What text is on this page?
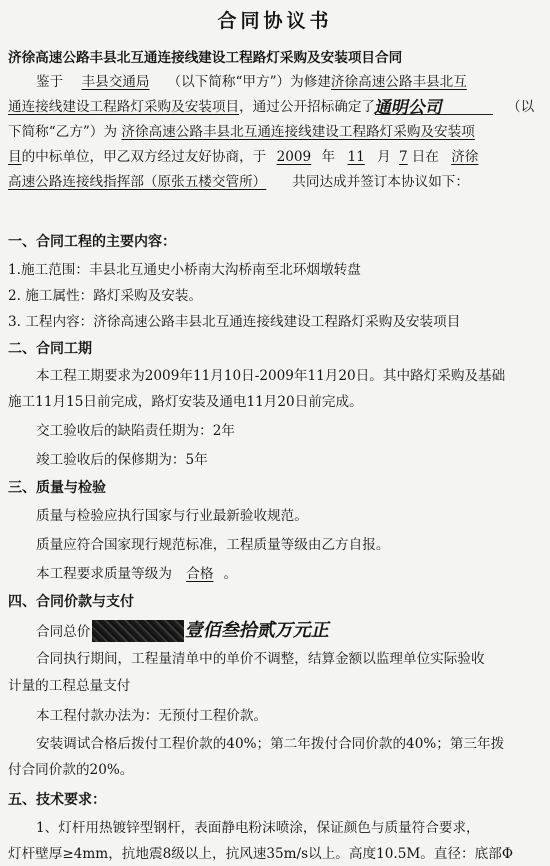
合同协议书
济徐高速公路丰县北互通连接线建设工程路灯采购及安装项目合同
鉴于 丰县交通局 （以下简称“甲方”）为修建济徐高速公路丰县北互
通连接线建设工程路灯采购及安装项目，通过公开招标确定了通明公司	（以
下简称“乙方”）为 济徐高速公路丰县北互通连接线建设工程路灯采购及安装项
目的中标单位，甲乙双方经过友好协商，于 2009 年 11 月 7 日在 济徐
高速公路连接线指挥部（原张五楼交管所） 共同达成并签订本协议如下：
一、合同工程的主要内容：
1.施工范围：丰县北互通史小桥南大沟桥南至北环烟墩转盘
2. 施工属性：路灯采购及安装。
3. 工程内容：济徐高速公路丰县北互通连接线建设工程路灯采购及安装项目
二、合同工期
本工程工期要求为2009年11月10日-2009年11月20日。其中路灯采购及基础
施工11月15日前完成，路灯安装及通电11月20日前完成。
交工验收后的缺陷责任期为：2年
竣工验收后的保修期为：5年
三、质量与检验
质量与检验应执行国家与行业最新验收规范。
质量应符合国家现行规范标准，工程质量等级由乙方自报。
本工程要求质量等级为 合格 。
四、合同价款与支付
合同总价	壹佰叁拾贰万元正
合同执行期间，工程量清单中的单价不调整，结算金额以监理单位实际验收
计量的工程总量支付
本工程付款办法为：无预付工程价款。
安装调试合格后拨付工程价款的40%；第二年拨付合同价款的40%；第三年拨
付合同价款的20%。
五、技术要求：
1、灯杆用热镀锌型钢杆，表面静电粉沫喷涂，保证颜色与质量符合要求，
灯杆壁厚≥4mm，抗地震8级以上，抗风速35m/s以上。高度10.5M。直径：底部Φ
